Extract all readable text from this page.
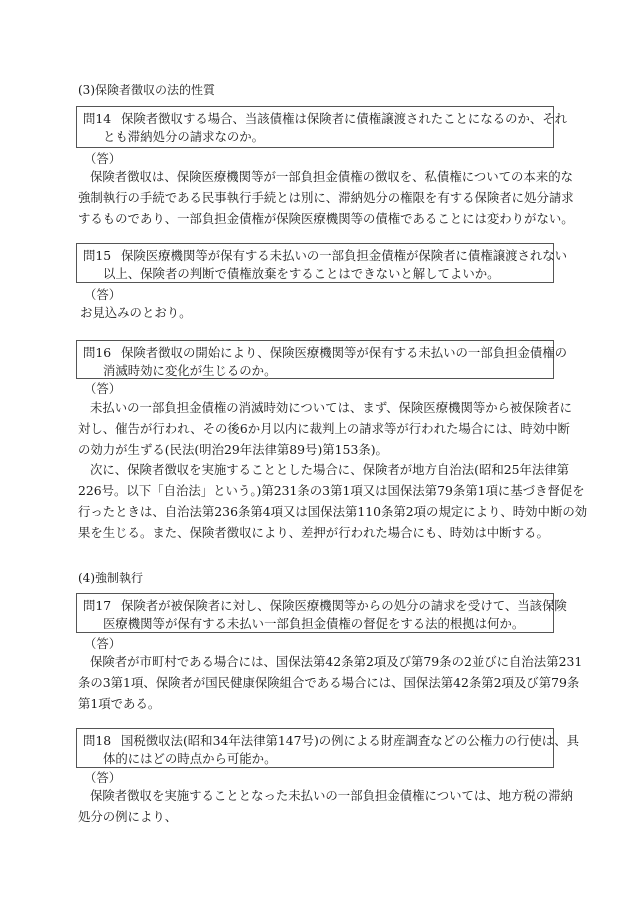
(3)保険者徴収の法的性質
問14 保険者徴収する場合、当該債権は保険者に債権譲渡されたことになるのか、それ
とも滞納処分の請求なのか。
（答）
保険者徴収は、保険医療機関等が一部負担金債権の徴収を、私債権についての本来的な
強制執行の手続である民事執行手続とは別に、滞納処分の権限を有する保険者に処分請求
するものであり、一部負担金債権が保険医療機関等の債権であることには変わりがない。
問15 保険医療機関等が保有する未払いの一部負担金債権が保険者に債権譲渡されない
以上、保険者の判断で債権放棄をすることはできないと解してよいか。
（答）
お見込みのとおり。
問16 保険者徴収の開始により、保険医療機関等が保有する未払いの一部負担金債権の
消滅時効に変化が生じるのか。
（答）
未払いの一部負担金債権の消滅時効については、まず、保険医療機関等から被保険者に
対し、催告が行われ、その後6か月以内に裁判上の請求等が行われた場合には、時効中断
の効力が生ずる(民法(明治29年法律第89号)第153条)。
次に、保険者徴収を実施することとした場合に、保険者が地方自治法(昭和25年法律第
226号。以下「自治法」という。)第231条の3第1項又は国保法第79条第1項に基づき督促を
行ったときは、自治法第236条第4項又は国保法第110条第2項の規定により、時効中断の効
果を生じる。また、保険者徴収により、差押が行われた場合にも、時効は中断する。
(4)強制執行
問17 保険者が被保険者に対し、保険医療機関等からの処分の請求を受けて、当該保険
医療機関等が保有する未払い一部負担金債権の督促をする法的根拠は何か。
（答）
保険者が市町村である場合には、国保法第42条第2項及び第79条の2並びに自治法第231
条の3第1項、保険者が国民健康保険組合である場合には、国保法第42条第2項及び第79条
第1項である。
問18 国税徴収法(昭和34年法律第147号)の例による財産調査などの公権力の行使は、具
体的にはどの時点から可能か。
（答）
保険者徴収を実施することとなった未払いの一部負担金債権については、地方税の滞納
処分の例により、
